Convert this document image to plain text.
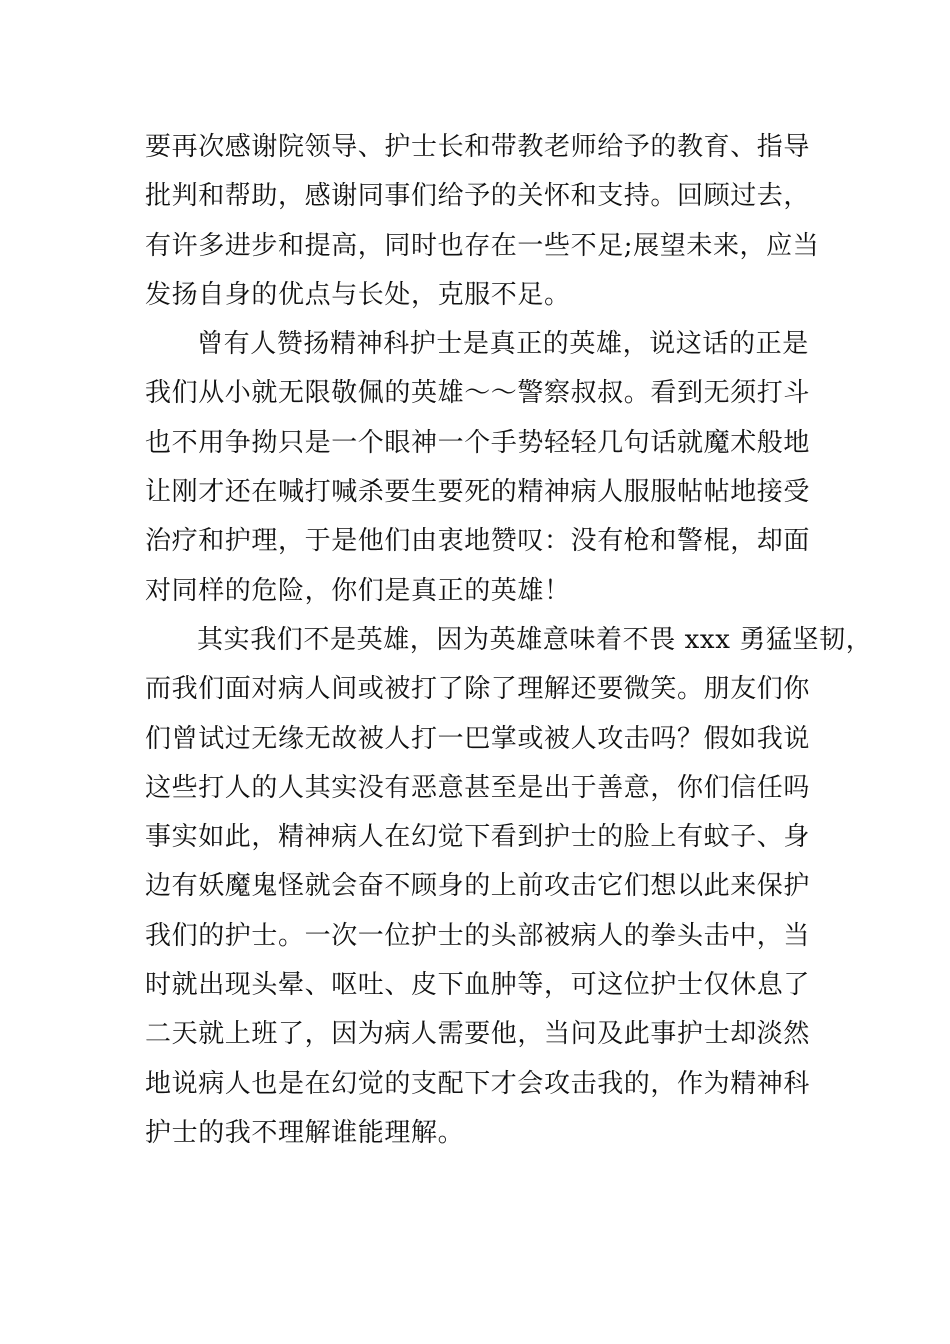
要再次感谢院领导、护士长和带教老师给予的教育、指导
批判和帮助，感谢同事们给予的关怀和支持。回顾过去，
有许多进步和提高，同时也存在一些不足;展望未来，应当
发扬自身的优点与长处，克服不足。
曾有人赞扬精神科护士是真正的英雄，说这话的正是
我们从小就无限敬佩的英雄～～警察叔叔。看到无须打斗
也不用争拗只是一个眼神一个手势轻轻几句话就魔术般地
让刚才还在喊打喊杀要生要死的精神病人服服帖帖地接受
治疗和护理，于是他们由衷地赞叹：没有枪和警棍，却面
对同样的危险，你们是真正的英雄！
其实我们不是英雄，因为英雄意味着不畏 xxx 勇猛坚韧，
而我们面对病人间或被打了除了理解还要微笑。朋友们你
们曾试过无缘无故被人打一巴掌或被人攻击吗？假如我说
这些打人的人其实没有恶意甚至是出于善意，你们信任吗
事实如此，精神病人在幻觉下看到护士的脸上有蚊子、身
边有妖魔鬼怪就会奋不顾身的上前攻击它们想以此来保护
我们的护士。一次一位护士的头部被病人的拳头击中，当
时就出现头晕、呕吐、皮下血肿等，可这位护士仅休息了
二天就上班了，因为病人需要他，当问及此事护士却淡然
地说病人也是在幻觉的支配下才会攻击我的，作为精神科
护士的我不理解谁能理解。
